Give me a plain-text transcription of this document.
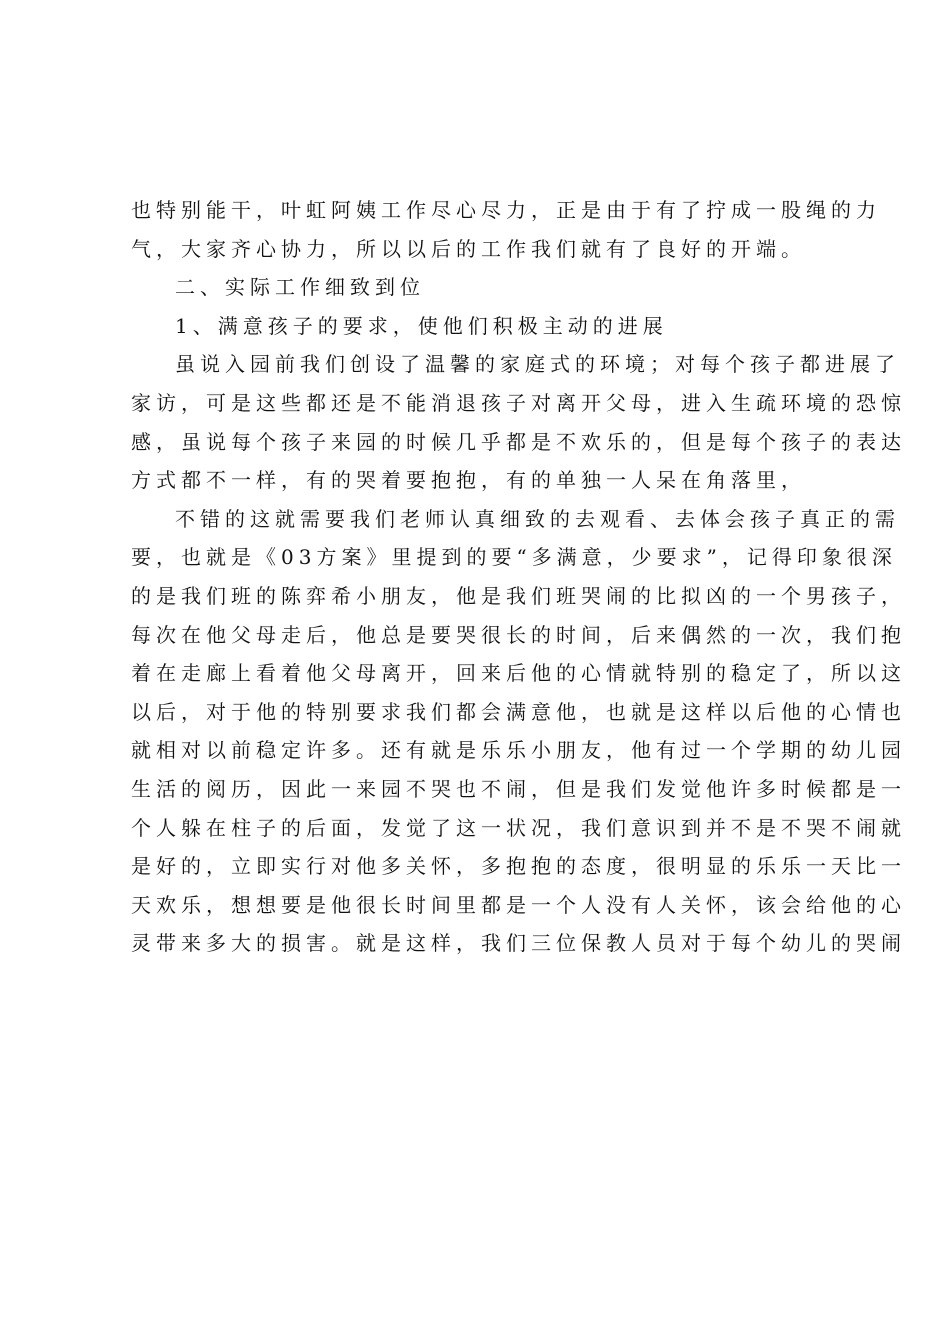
也特别能干，叶虹阿姨工作尽心尽力，正是由于有了拧成一股绳的力
气，大家齐心协力，所以以后的工作我们就有了良好的开端。
二、实际工作细致到位
1、满意孩子的要求，使他们积极主动的进展
虽说入园前我们创设了温馨的家庭式的环境；对每个孩子都进展了
家访，可是这些都还是不能消退孩子对离开父母，进入生疏环境的恐惊
感，虽说每个孩子来园的时候几乎都是不欢乐的，但是每个孩子的表达
方式都不一样，有的哭着要抱抱，有的单独一人呆在角落里，
不错的这就需要我们老师认真细致的去观看、去体会孩子真正的需
要，也就是《03方案》里提到的要“多满意，少要求”，记得印象很深
的是我们班的陈弈希小朋友，他是我们班哭闹的比拟凶的一个男孩子，
每次在他父母走后，他总是要哭很长的时间，后来偶然的一次，我们抱
着在走廊上看着他父母离开，回来后他的心情就特别的稳定了，所以这
以后，对于他的特别要求我们都会满意他，也就是这样以后他的心情也
就相对以前稳定许多。还有就是乐乐小朋友，他有过一个学期的幼儿园
生活的阅历，因此一来园不哭也不闹，但是我们发觉他许多时候都是一
个人躲在柱子的后面，发觉了这一状况，我们意识到并不是不哭不闹就
是好的，立即实行对他多关怀，多抱抱的态度，很明显的乐乐一天比一
天欢乐，想想要是他很长时间里都是一个人没有人关怀，该会给他的心
灵带来多大的损害。就是这样，我们三位保教人员对于每个幼儿的哭闹
